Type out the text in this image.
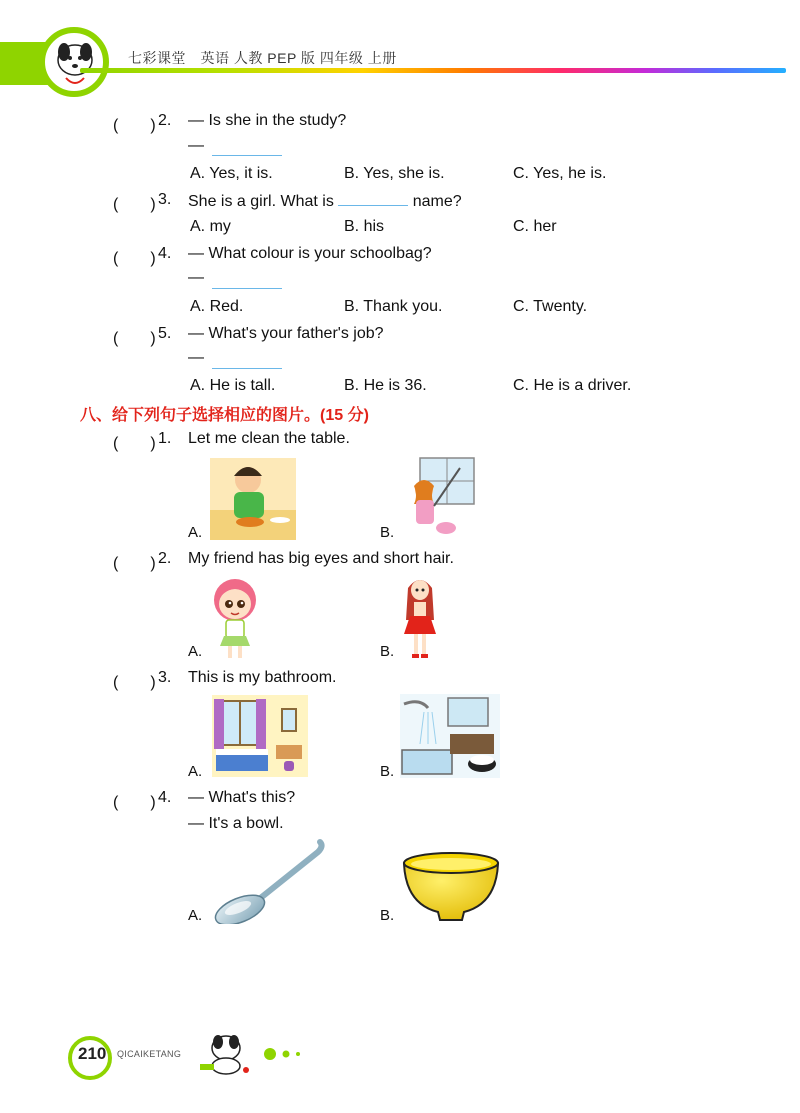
七彩课堂　英语 人教 PEP 版 四年级 上册
(　　) 2. — Is she in the study?
—
A. Yes, it is.	B. Yes, she is.	C. Yes, he is.
(　　) 3. She is a girl. What is	name?
A. my	B. his	C. her
(　　) 4. — What colour is your schoolbag?
—
A. Red.	B. Thank you.	C. Twenty.
(　　) 5. — What's your father's job?
—
A. He is tall.	B. He is 36.	C. He is a driver.
八、给下列句子选择相应的图片。(15 分)
(　　) 1. Let me clean the table.
A.	B.
(　　) 2. My friend has big eyes and short hair.
A.	B.
(　　) 3. This is my bathroom.
A.	B.
(　　) 4. — What's this?
— It's a bowl.
A.	B.
210 QICAIKETANG
